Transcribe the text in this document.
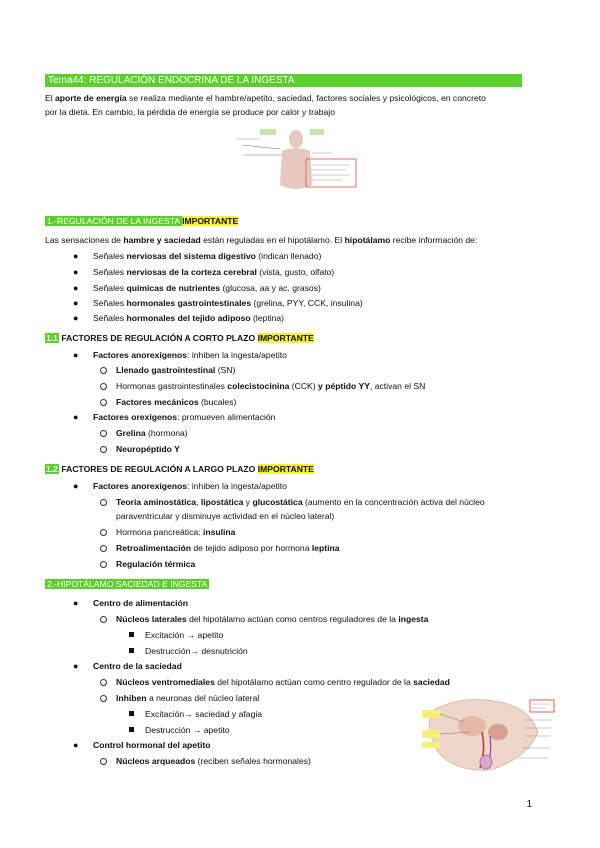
Tema44: REGULACIÓN ENDOCRINA DE LA INGESTA
El aporte de energía se realiza mediante el hambre/apetito, saciedad, factores sociales y psicológicos, en concreto
por la dieta. En cambio, la pérdida de energía se produce por calor y trabajo
1.-REGULACIÓN DE LA INGESTA IMPORTANTE
Las sensaciones de hambre y saciedad están reguladas en el hipotálamo. El hipotálamo recibe información de:
● Señales nerviosas del sistema digestivo (indican llenado)
● Señales nerviosas de la corteza cerebral (vista, gusto, olfato)
● Señales químicas de nutrientes (glucosa, aa y ac. grasos)
● Señales hormonales gastrointestinales (grelina, PYY, CCK, insulina)
● Señales hormonales del tejido adiposo (leptina)
1.1 FACTORES DE REGULACIÓN A CORTO PLAZO IMPORTANTE
● Factores anorexígenos: inhiben la ingesta/apetito
Llenado gastrointestinal (SN)
Hormonas gastrointestinales colecistocinina (CCK) y péptido YY, activan el SN
Factores mecánicos (bucales)
● Factores orexígenos: promueven alimentación
Grelina (hormona)
Neuropéptido Y
1.2 FACTORES DE REGULACIÓN A LARGO PLAZO IMPORTANTE
● Factores anorexígenos: inhiben la ingesta/apetito
Teoría aminostática, lipostática y glucostática (aumento en la concentración activa del núcleo
paraventricular y disminuye actividad en el núcleo lateral)
Hormona pancreática: insulina
Retroalimentación de tejido adiposo por hormona leptina
Regulación térmica
2.-HIPOTÁLAMO SACIEDAD E INGESTA
● Centro de alimentación
Núcleos laterales del hipotálamo actúan como centros reguladores de la ingesta
Excitación → apetito
Destrucción→ desnutrición
● Centro de la saciedad
Núcleos ventromediales del hipotálamo actúan como centro regulador de la saciedad
Inhiben a neuronas del núcleo lateral
Excitación→ saciedad y afagia
Destrucción → apetito
● Control hormonal del apetito
Núcleos arqueados (reciben señales hormonales)
1
